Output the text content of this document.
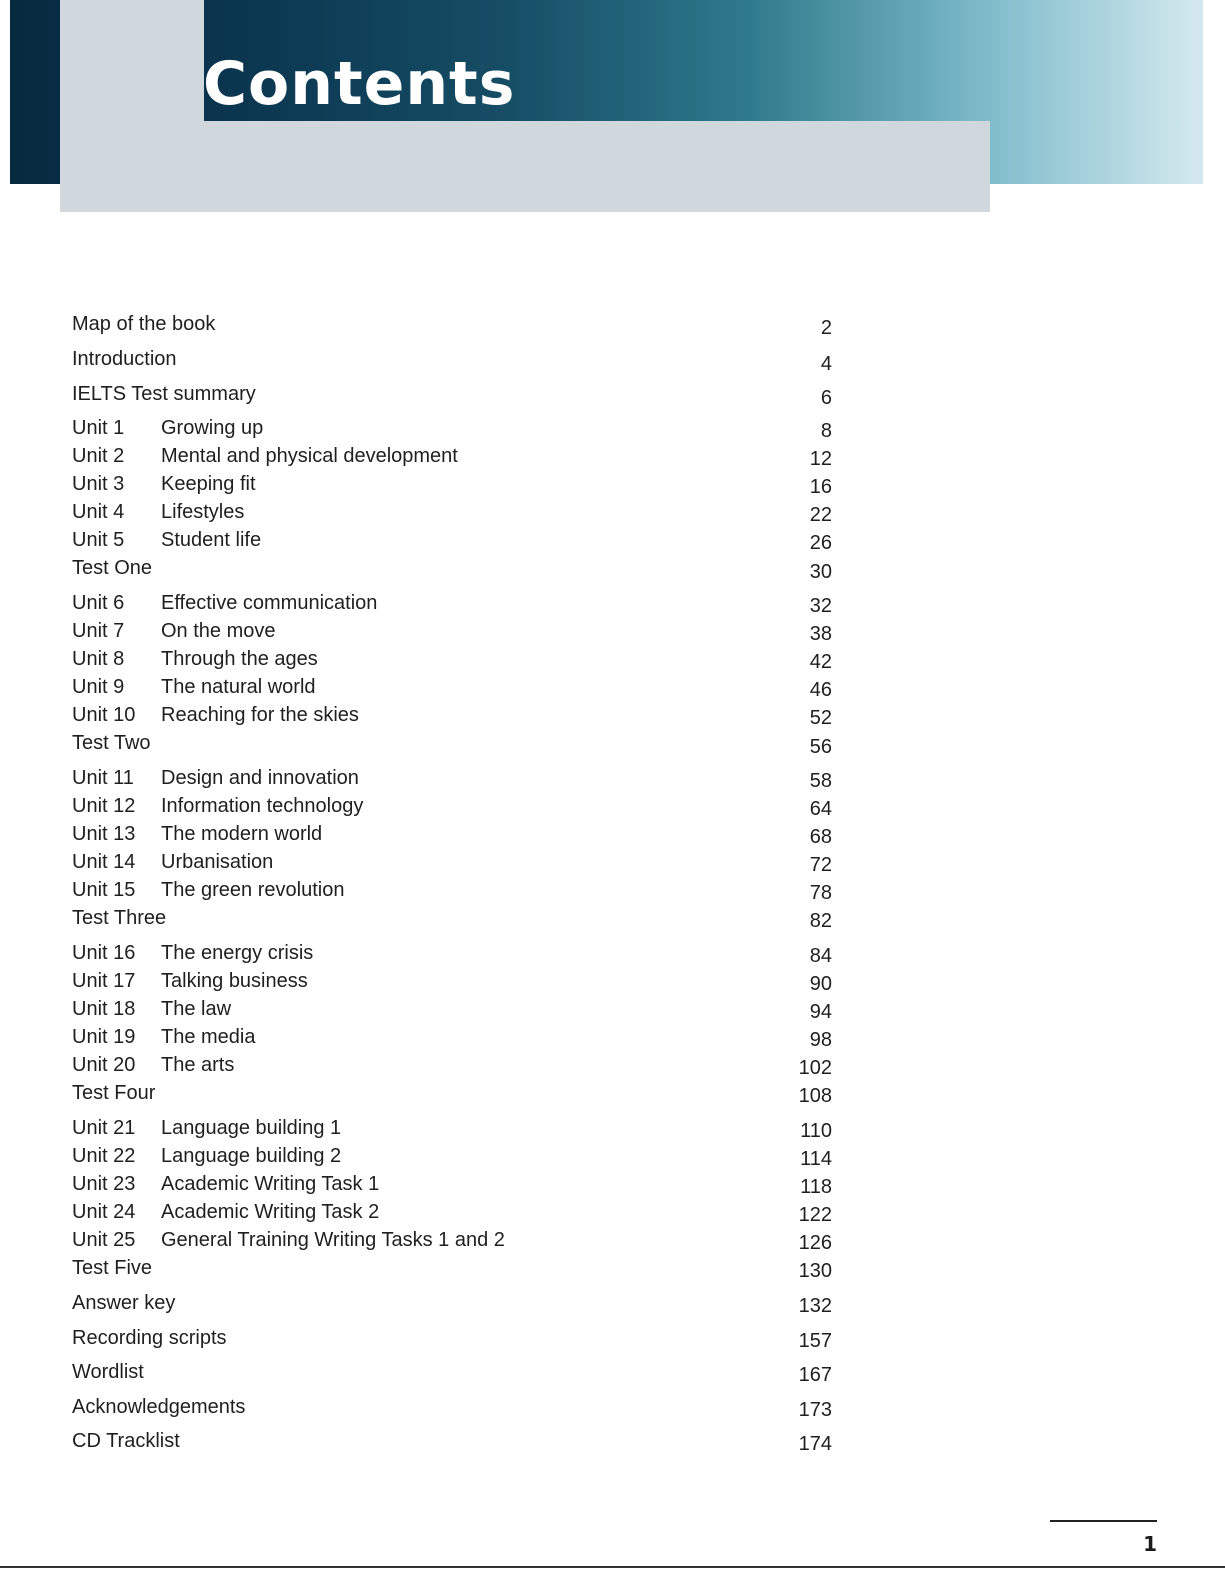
Contents
Map of the book	2
Introduction	4
IELTS Test summary	6
Unit 1 Growing up	8
Unit 2 Mental and physical development	12
Unit 3 Keeping fit	16
Unit 4 Lifestyles	22
Unit 5 Student life	26
Test One	30
Unit 6 Effective communication	32
Unit 7 On the move	38
Unit 8 Through the ages	42
Unit 9 The natural world	46
Unit 10 Reaching for the skies	52
Test Two	56
Unit 11 Design and innovation	58
Unit 12 Information technology	64
Unit 13 The modern world	68
Unit 14 Urbanisation	72
Unit 15 The green revolution	78
Test Three	82
Unit 16 The energy crisis	84
Unit 17 Talking business	90
Unit 18 The law	94
Unit 19 The media	98
Unit 20 The arts	102
Test Four	108
Unit 21 Language building 1	110
Unit 22 Language building 2	114
Unit 23 Academic Writing Task 1	118
Unit 24 Academic Writing Task 2	122
Unit 25 General Training Writing Tasks 1 and 2	126
Test Five	130
Answer key	132
Recording scripts	157
Wordlist	167
Acknowledgements	173
CD Tracklist	174
1
